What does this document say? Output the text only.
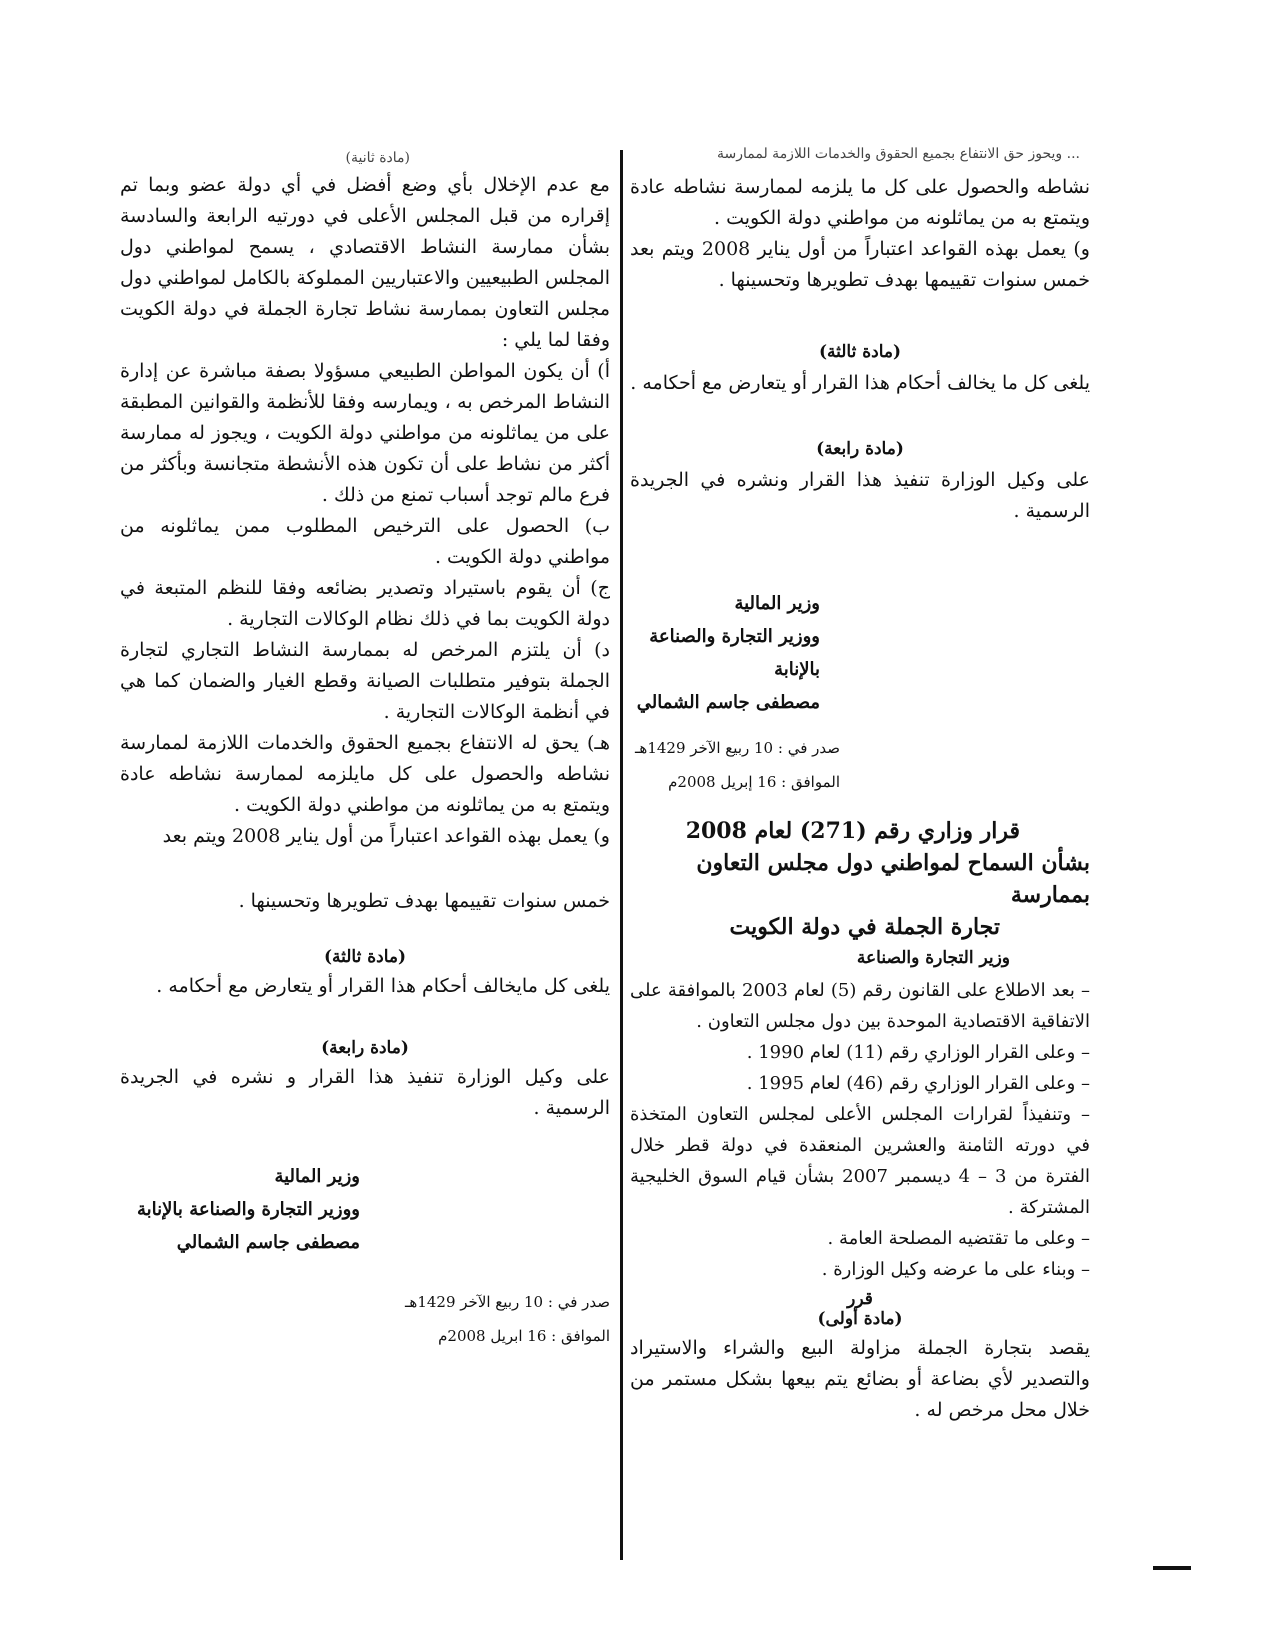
... ويحوز حق الانتفاع بجميع الحقوق والخدمات اللازمة لممارسة

نشاطه والحصول على كل ما يلزمه لممارسة نشاطه عادة ويتمتع به من يماثلونه من مواطني دولة الكويت .

و) يعمل بهذه القواعد اعتباراً من أول يناير 2008 ويتم بعد خمس سنوات تقييمها بهدف تطويرها وتحسينها .

(مادة ثالثة)

يلغى كل ما يخالف أحكام هذا القرار أو يتعارض مع أحكامه .

(مادة رابعة)

على وكيل الوزارة تنفيذ هذا القرار ونشره في الجريدة الرسمية .

وزير المالية

ووزير التجارة والصناعة بالإنابة

مصطفى جاسم الشمالي

صدر في : 10 ربيع الآخر 1429هـ

الموافق : 16 إبريل 2008م

قرار وزاري رقم (271) لعام 2008

بشأن السماح لمواطني دول مجلس التعاون بممارسة

تجارة الجملة في دولة الكويت

وزير التجارة والصناعة

– بعد الاطلاع على القانون رقم (5) لعام 2003 بالموافقة على الاتفاقية الاقتصادية الموحدة بين دول مجلس التعاون .

– وعلى القرار الوزاري رقم (11) لعام 1990 .

– وعلى القرار الوزاري رقم (46) لعام 1995 .

– وتنفيذاً لقرارات المجلس الأعلى لمجلس التعاون المتخذة في دورته الثامنة والعشرين المنعقدة في دولة قطر خلال الفترة من 3 – 4 ديسمبر 2007 بشأن قيام السوق الخليجية المشتركة .

– وعلى ما تقتضيه المصلحة العامة .

– وبناء على ما عرضه وكيل الوزارة .

قرر

(مادة أولى)

يقصد بتجارة الجملة مزاولة البيع والشراء والاستيراد والتصدير لأي بضاعة أو بضائع يتم بيعها بشكل مستمر من خلال محل مرخص له .

(مادة ثانية)

مع عدم الإخلال بأي وضع أفضل في أي دولة عضو وبما تم إقراره من قبل المجلس الأعلى في دورتيه الرابعة والسادسة بشأن ممارسة النشاط الاقتصادي ، يسمح لمواطني دول المجلس الطبيعيين والاعتباريين المملوكة بالكامل لمواطني دول مجلس التعاون بممارسة نشاط تجارة الجملة في دولة الكويت وفقا لما يلي :

أ) أن يكون المواطن الطبيعي مسؤولا بصفة مباشرة عن إدارة النشاط المرخص به ، ويمارسه وفقا للأنظمة والقوانين المطبقة على من يماثلونه من مواطني دولة الكويت ، ويجوز له ممارسة أكثر من نشاط على أن تكون هذه الأنشطة متجانسة وبأكثر من فرع مالم توجد أسباب تمنع من ذلك .

ب) الحصول على الترخيص المطلوب ممن يماثلونه من مواطني دولة الكويت .

ج) أن يقوم باستيراد وتصدير بضائعه وفقا للنظم المتبعة في دولة الكويت بما في ذلك نظام الوكالات التجارية .

د) أن يلتزم المرخص له بممارسة النشاط التجاري لتجارة الجملة بتوفير متطلبات الصيانة وقطع الغيار والضمان كما هي في أنظمة الوكالات التجارية .

هـ) يحق له الانتفاع بجميع الحقوق والخدمات اللازمة لممارسة نشاطه والحصول على كل مايلزمه لممارسة نشاطه عادة ويتمتع به من يماثلونه من مواطني دولة الكويت .

و) يعمل بهذه القواعد اعتباراً من أول يناير 2008 ويتم بعد

خمس سنوات تقييمها بهدف تطويرها وتحسينها .

(مادة ثالثة)

يلغى كل مايخالف أحكام هذا القرار أو يتعارض مع أحكامه .

(مادة رابعة)

على وكيل الوزارة تنفيذ هذا القرار و نشره في الجريدة الرسمية .

وزير المالية

ووزير التجارة والصناعة بالإنابة

مصطفى جاسم الشمالي

صدر في : 10 ربيع الآخر 1429هـ

الموافق : 16 ابريل 2008م
